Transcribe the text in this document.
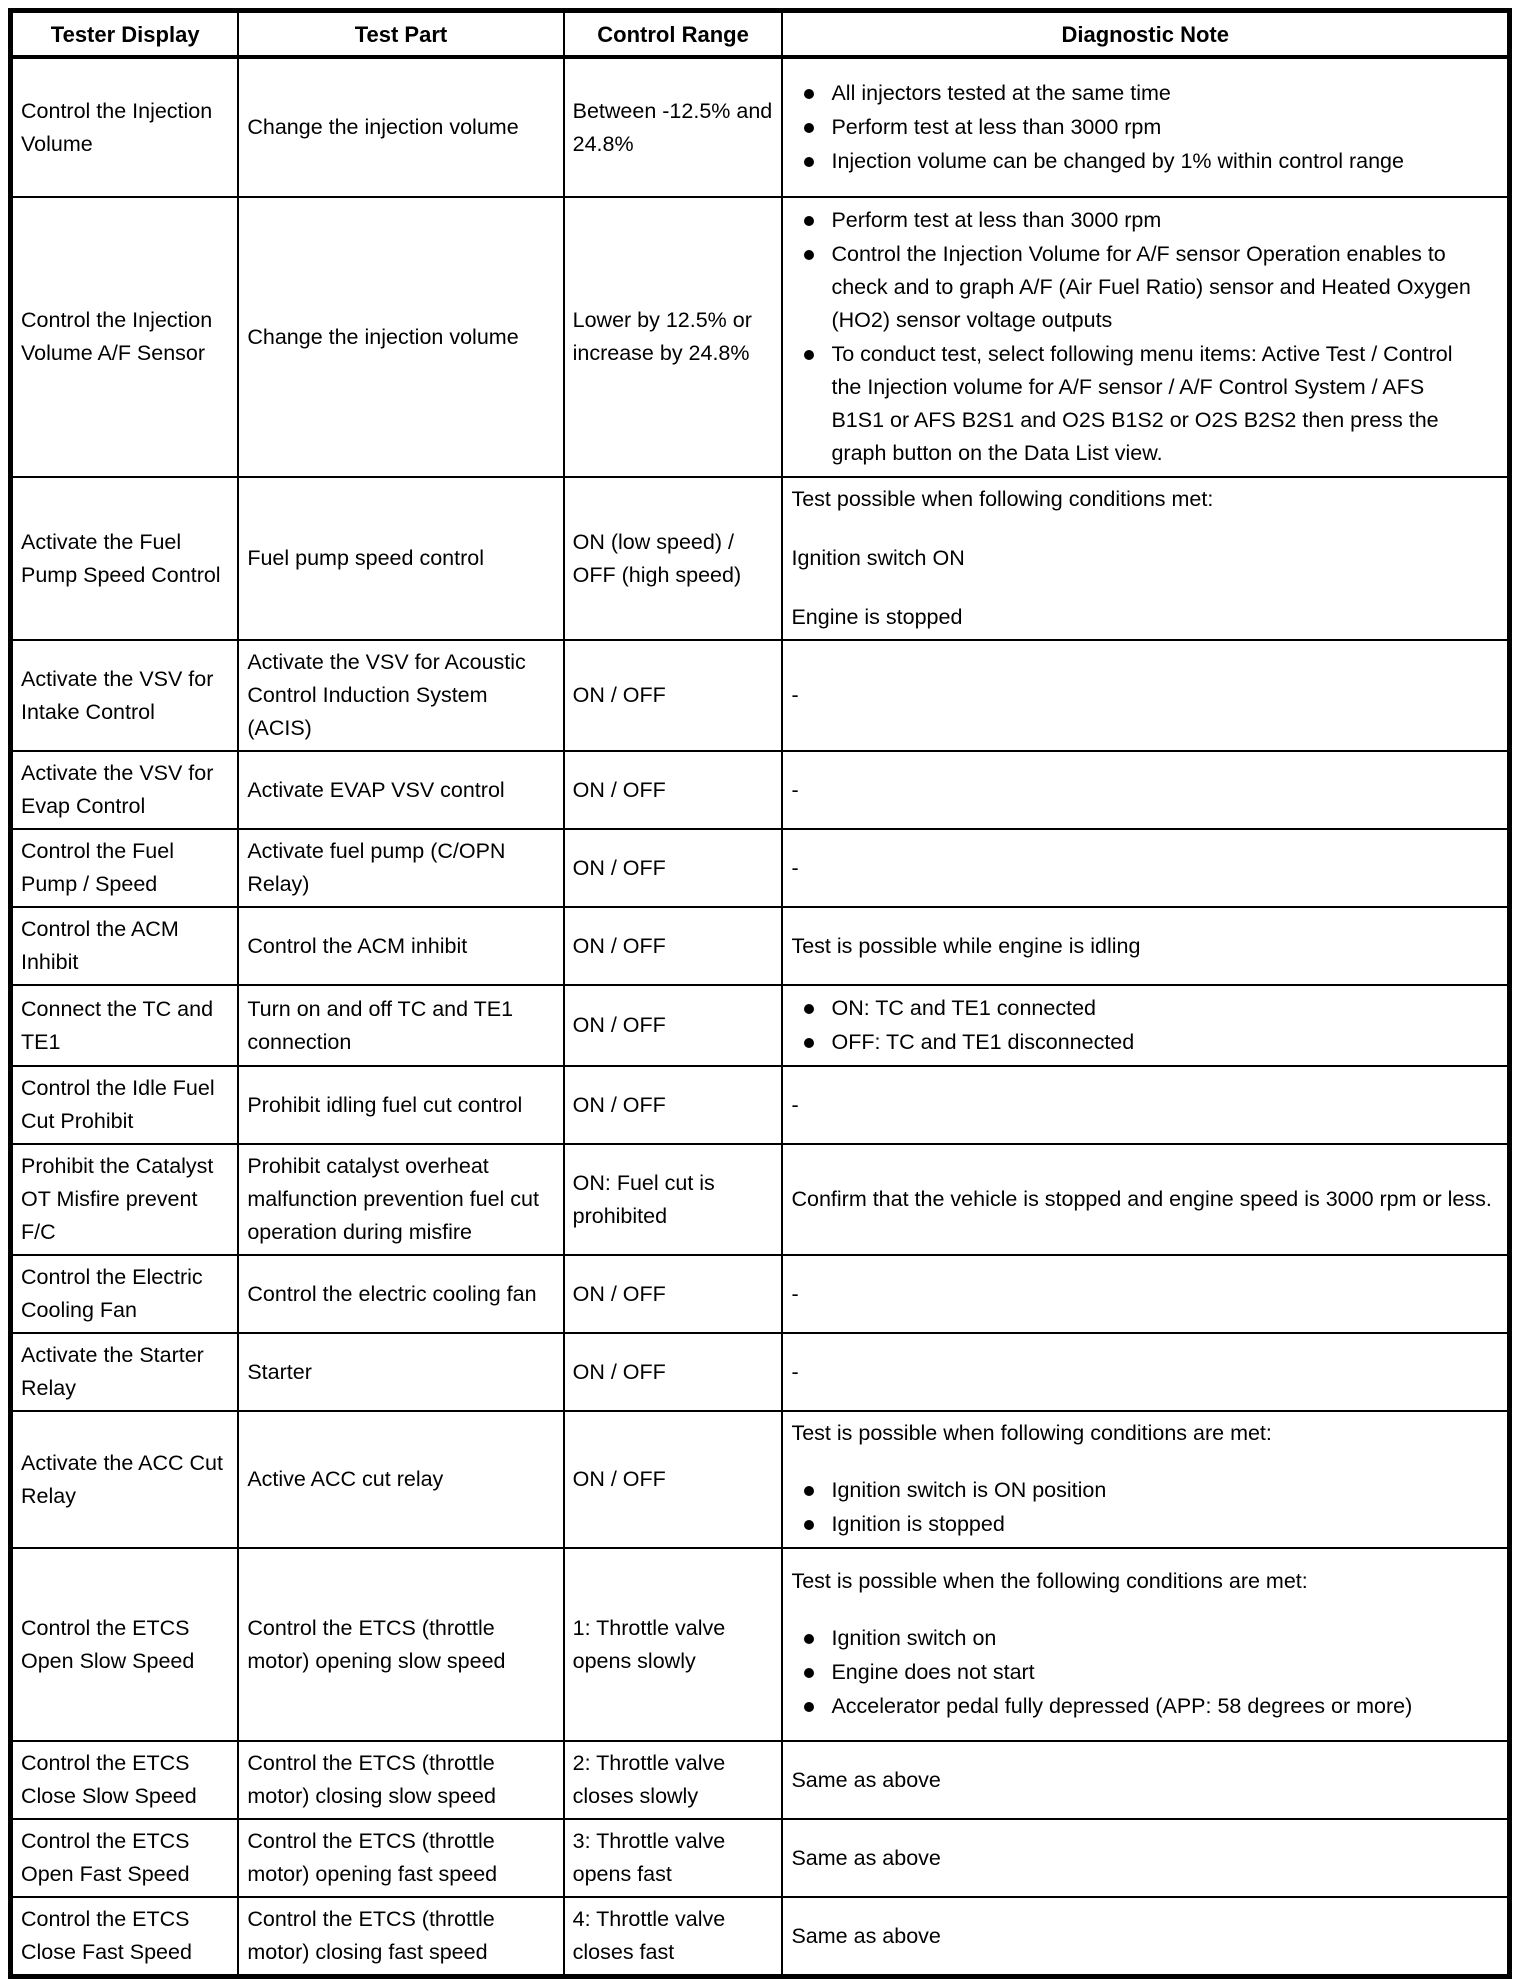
Tester Display	Test Part	Control Range	Diagnostic Note
Control the Injection Volume	Change the injection volume	Between -12.5% and 24.8%	
All injectors tested at the same time
Perform test at less than 3000 rpm
Injection volume can be changed by 1% within control range

Control the Injection Volume A/F Sensor	Change the injection volume	Lower by 12.5% or increase by 24.8%	
Perform test at less than 3000 rpm
Control the Injection Volume for A/F sensor Operation enables to check and to graph A/F (Air Fuel Ratio) sensor and Heated Oxygen (HO2) sensor voltage outputs
To conduct test, select following menu items: Active Test / Control the Injection volume for A/F sensor / A/F Control System / AFS B1S1 or AFS B2S1 and O2S B1S2 or O2S B2S2 then press the graph button on the Data List view.

Activate the Fuel Pump Speed Control	Fuel pump speed control	ON (low speed) / OFF (high speed)	Test possible when following conditions met:
Ignition switch ON
Engine is stopped

Activate the VSV for Intake Control	Activate the VSV for Acoustic Control Induction System (ACIS)	ON / OFF	-

Activate the VSV for Evap Control	Activate EVAP VSV control	ON / OFF	-

Control the Fuel Pump / Speed	Activate fuel pump (C/OPN Relay)	ON / OFF	-

Control the ACM Inhibit	Control the ACM inhibit	ON / OFF	Test is possible while engine is idling

Connect the TC and TE1	Turn on and off TC and TE1 connection	ON / OFF	
ON: TC and TE1 connected
OFF: TC and TE1 disconnected

Control the Idle Fuel Cut Prohibit	Prohibit idling fuel cut control	ON / OFF	-

Prohibit the Catalyst OT Misfire prevent F/C	Prohibit catalyst overheat malfunction prevention fuel cut operation during misfire	ON: Fuel cut is prohibited	Confirm that the vehicle is stopped and engine speed is 3000 rpm or less.

Control the Electric Cooling Fan	Control the electric cooling fan	ON / OFF	-

Activate the Starter Relay	Starter	ON / OFF	-

Activate the ACC Cut Relay	Active ACC cut relay	ON / OFF	
Test is possible when following conditions are met:
Ignition switch is ON position
Ignition is stopped

Control the ETCS Open Slow Speed	Control the ETCS (throttle motor) opening slow speed	1: Throttle valve opens slowly	
Test is possible when the following conditions are met:
Ignition switch on
Engine does not start
Accelerator pedal fully depressed (APP: 58 degrees or more)

Control the ETCS Close Slow Speed	Control the ETCS (throttle motor) closing slow speed	2: Throttle valve closes slowly	Same as above

Control the ETCS Open Fast Speed	Control the ETCS (throttle motor) opening fast speed	3: Throttle valve opens fast	Same as above

Control the ETCS Close Fast Speed	Control the ETCS (throttle motor) closing fast speed	4: Throttle valve closes fast	Same as above
